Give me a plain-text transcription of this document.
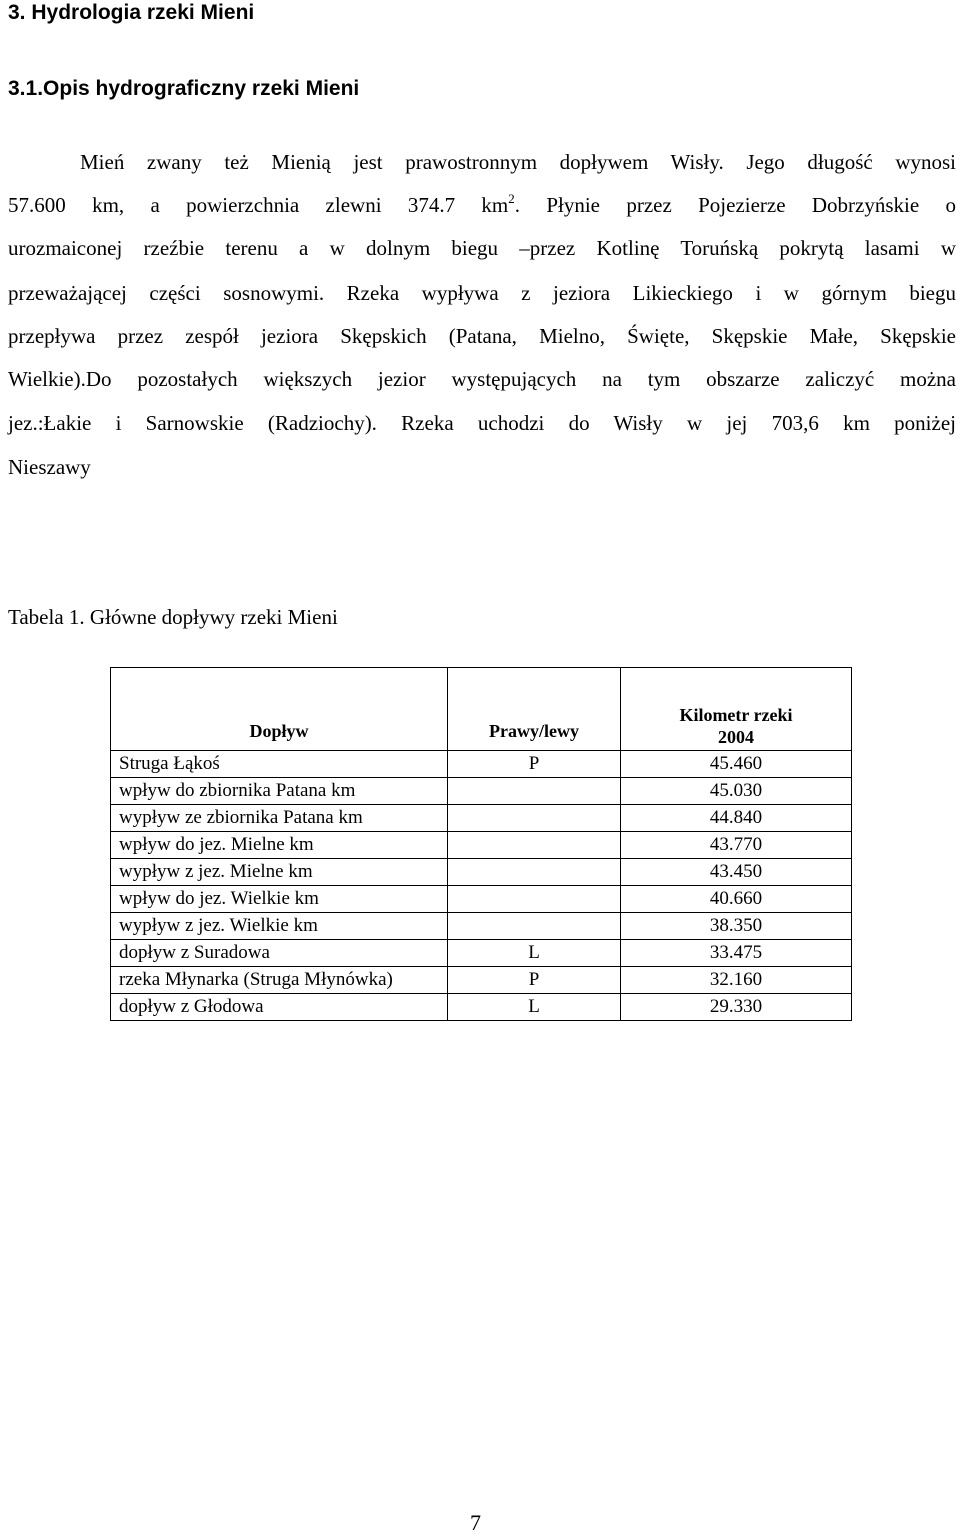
3. Hydrologia rzeki Mieni
3.1.Opis hydrograficzny rzeki Mieni
Mień zwany też Mienią jest prawostronnym dopływem Wisły. Jego długość wynosi
57.600 km, a powierzchnia zlewni 374.7 $km^2$. Płynie przez Pojezierze Dobrzyńskie o
urozmaiconej rzeźbie terenu a w dolnym biegu –przez Kotlinę Toruńską pokrytą lasami w
przeważającej części sosnowymi. Rzeka wypływa z jeziora Likieckiego i w górnym biegu
przepływa przez zespół jeziora Skępskich (Patana, Mielno, Święte, Skępskie Małe, Skępskie
Wielkie).Do pozostałych większych jezior występujących na tym obszarze zaliczyć można
jez.:Łakie i Sarnowskie (Radziochy). Rzeka uchodzi do Wisły w jej 703,6 km poniżej
Nieszawy
Tabela 1. Główne dopływy rzeki Mieni
Dopływ	Prawy/lewy	Kilometr rzeki
2004

Struga Łąkoś	P	45.460
wpływ do zbiornika Patana km		45.030
wypływ ze zbiornika Patana km		44.840
wpływ do jez. Mielne km		43.770
wypływ z jez. Mielne km		43.450
wpływ do jez. Wielkie km		40.660
wypływ z jez. Wielkie km		38.350
dopływ z Suradowa	L	33.475
rzeka Młynarka (Struga Młynówka)	P	32.160
dopływ z Głodowa	L	29.330
7
